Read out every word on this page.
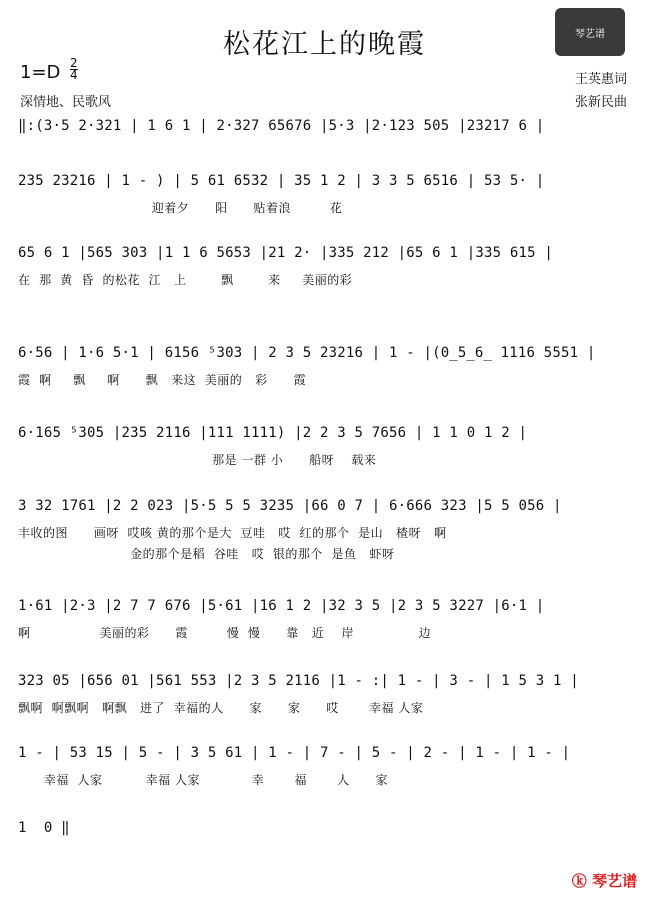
松花江上的晚霞	琴艺谱
1=D 2
4
深情地、民歌风
王英惠词
张新民曲
‖:(3·5 2·321 | 1 6 1 | 2·327 65676 |5·3 |2·123 505 |23217 6 |
235 23216 | 1 - ) | 5 61 6532 | 35 1 2 | 3 3 5 6516 | 53 5· |
迎着夕      阳      贴着浪         花
65 6 1 |565 303 |1 1 6 5653 |21 2· |335 212 |65 6 1 |335 615 |
在  那  黄  昏  的松花  江   上        飘        来     美丽的彩
6·56 | 1·6 5·1 | 6156 ⁵303 | 2 3 5 23216 | 1 - |(0̲5̲6̲ 1116 5551 |
霞  啊     飘     啊      飘   来这  美丽的   彩      霞
6·165 ⁵305 |235 2116 |111 1111) |2 2 3 5 7656 | 1 1 0 1 2 |
那是 一群 小      船呀    载来
3 32 1761 |2 2 023 |5·5 5 5 3235 |66 0 7 | 6·666 323 |5 5 056 |
丰收的图      画呀  哎咳 黄的那个是大  豆哇   哎  红的那个  是山   楂呀   啊
金的那个是稻  谷哇   哎  银的那个  是鱼   虾呀
1·61 |2·3 |2 7 7 676 |5·61 |16 1 2 |32 3 5 |2 3 5 3227 |6·1 |
啊                美丽的彩      霞         慢  慢      靠   近    岸               边
323 05 |656 01 |561 553 |2 3 5 2116 |1 - :| 1 - | 3 - | 1 5 3 1 |
飘啊  啊飘啊   啊飘   进了  幸福的人      家      家      哎       幸福 人家
1 - | 53 15 | 5 - | 3 5 61 | 1 - | 7 - | 5 - | 2 - | 1 - | 1 - |
幸福  人家          幸福 人家            幸       福       人      家
1  0 ‖
ⓚ 琴艺谱
